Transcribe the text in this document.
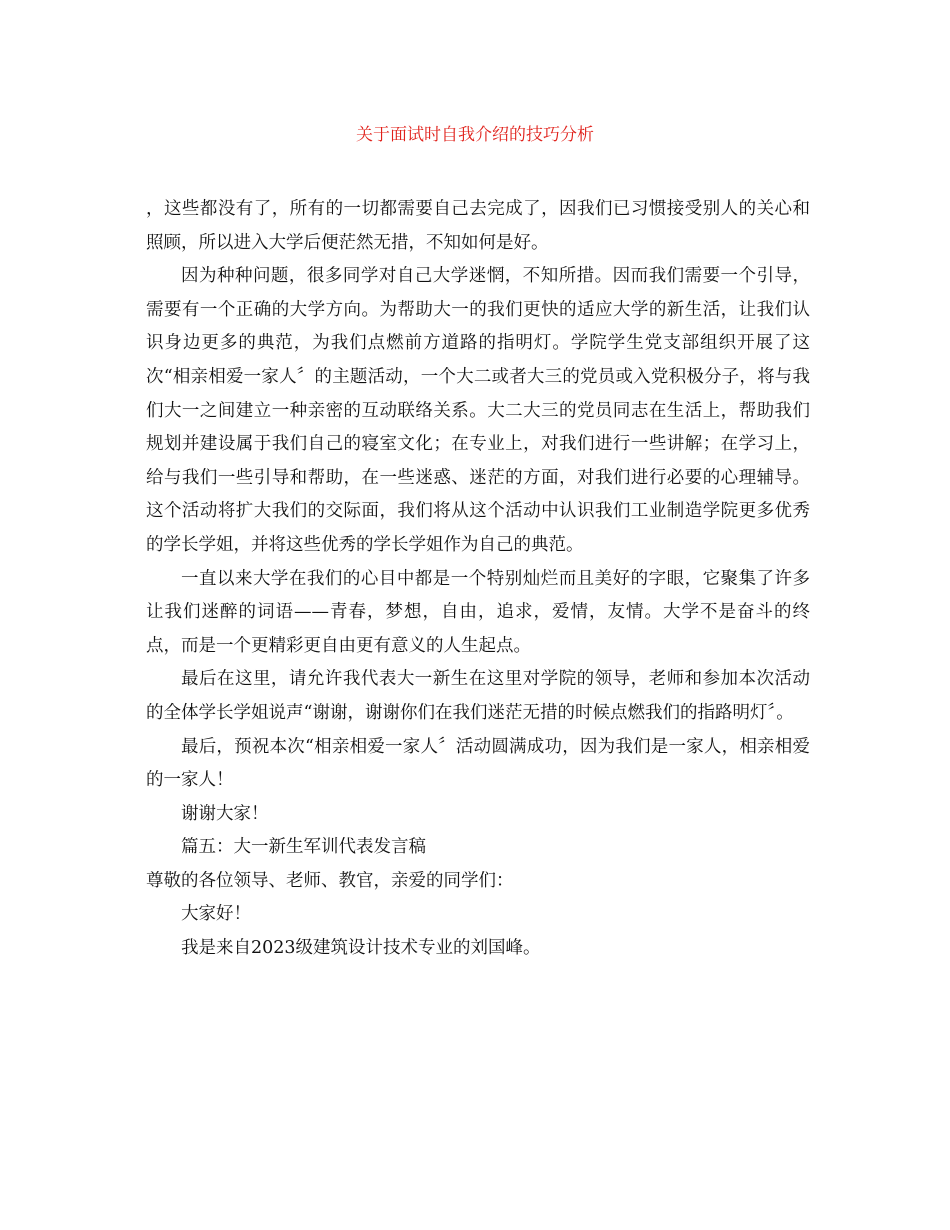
关于面试时自我介绍的技巧分析

，这些都没有了，所有的一切都需要自己去完成了，因我们已习惯接受别人的关心和照顾，所以进入大学后便茫然无措，不知如何是好。

因为种种问题，很多同学对自己大学迷惘，不知所措。因而我们需要一个引导，需要有一个正确的大学方向。为帮助大一的我们更快的适应大学的新生活，让我们认识身边更多的典范，为我们点燃前方道路的指明灯。学院学生党支部组织开展了这次“相亲相爱一家人〞的主题活动，一个大二或者大三的党员或入党积极分子，将与我们大一之间建立一种亲密的互动联络关系。大二大三的党员同志在生活上，帮助我们规划并建设属于我们自己的寝室文化；在专业上，对我们进行一些讲解；在学习上，给与我们一些引导和帮助，在一些迷惑、迷茫的方面，对我们进行必要的心理辅导。这个活动将扩大我们的交际面，我们将从这个活动中认识我们工业制造学院更多优秀的学长学姐，并将这些优秀的学长学姐作为自己的典范。

一直以来大学在我们的心目中都是一个特别灿烂而且美好的字眼，它聚集了许多让我们迷醉的词语——青春，梦想，自由，追求，爱情，友情。大学不是奋斗的终点，而是一个更精彩更自由更有意义的人生起点。

最后在这里，请允许我代表大一新生在这里对学院的领导，老师和参加本次活动的全体学长学姐说声“谢谢，谢谢你们在我们迷茫无措的时候点燃我们的指路明灯〞。

最后，预祝本次“相亲相爱一家人〞活动圆满成功，因为我们是一家人，相亲相爱的一家人！

谢谢大家！

篇五：大一新生军训代表发言稿

尊敬的各位领导、老师、教官，亲爱的同学们：

大家好！

我是来自2023级建筑设计技术专业的刘国峰。
